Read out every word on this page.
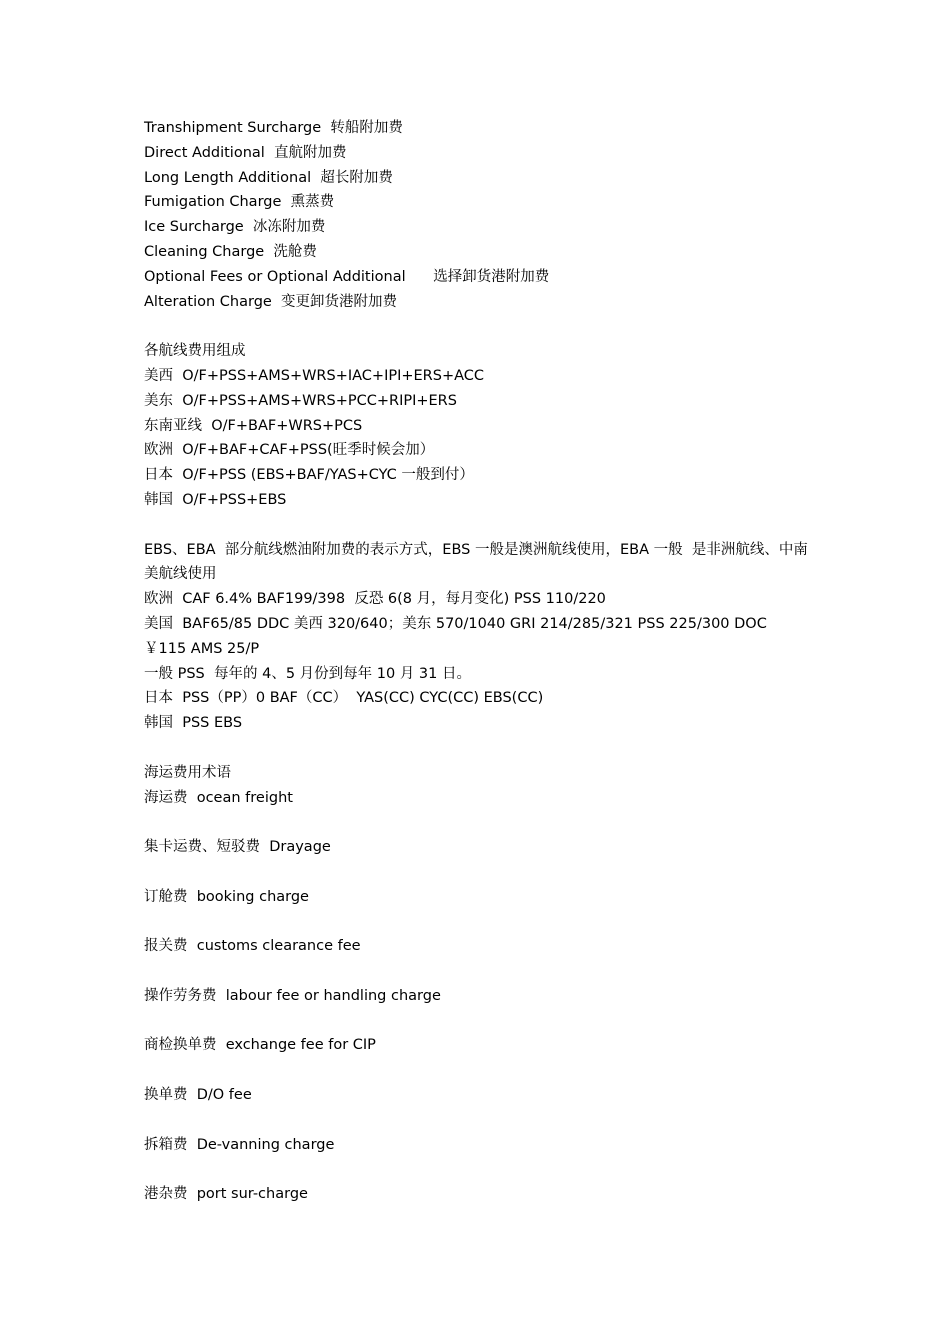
Transhipment Surcharge  转船附加费

Direct Additional  直航附加费

Long Length Additional  超长附加费

Fumigation Charge  熏蒸费

Ice Surcharge  冰冻附加费

Cleaning Charge  洗舱费

Optional Fees or Optional Additional      选择卸货港附加费

Alteration Charge  变更卸货港附加费

各航线费用组成

美西  O/F+PSS+AMS+WRS+IAC+IPI+ERS+ACC

美东  O/F+PSS+AMS+WRS+PCC+RIPI+ERS

东南亚线  O/F+BAF+WRS+PCS

欧洲  O/F+BAF+CAF+PSS(旺季时候会加）

日本  O/F+PSS (EBS+BAF/YAS+CYC 一般到付）

韩国  O/F+PSS+EBS

EBS、EBA  部分航线燃油附加费的表示方式，EBS 一般是澳洲航线使用，EBA 一般  是非洲航线、中南美航线使用

欧洲  CAF 6.4% BAF199/398  反恐 6(8 月，每月变化) PSS 110/220

美国  BAF65/85 DDC 美西 320/640；美东 570/1040 GRI 214/285/321 PSS 225/300 DOC  ￥115 AMS 25/P

一般 PSS  每年的 4、5 月份到每年 10 月 31 日。

日本  PSS（PP）0 BAF（CC）  YAS(CC) CYC(CC) EBS(CC)

韩国  PSS EBS

海运费用术语

海运费  ocean freight

集卡运费、短驳费  Drayage

订舱费  booking charge

报关费  customs clearance fee

操作劳务费  labour fee or handling charge

商检换单费  exchange fee for CIP

换单费  D/O fee

拆箱费  De-vanning charge

港杂费  port sur-charge
